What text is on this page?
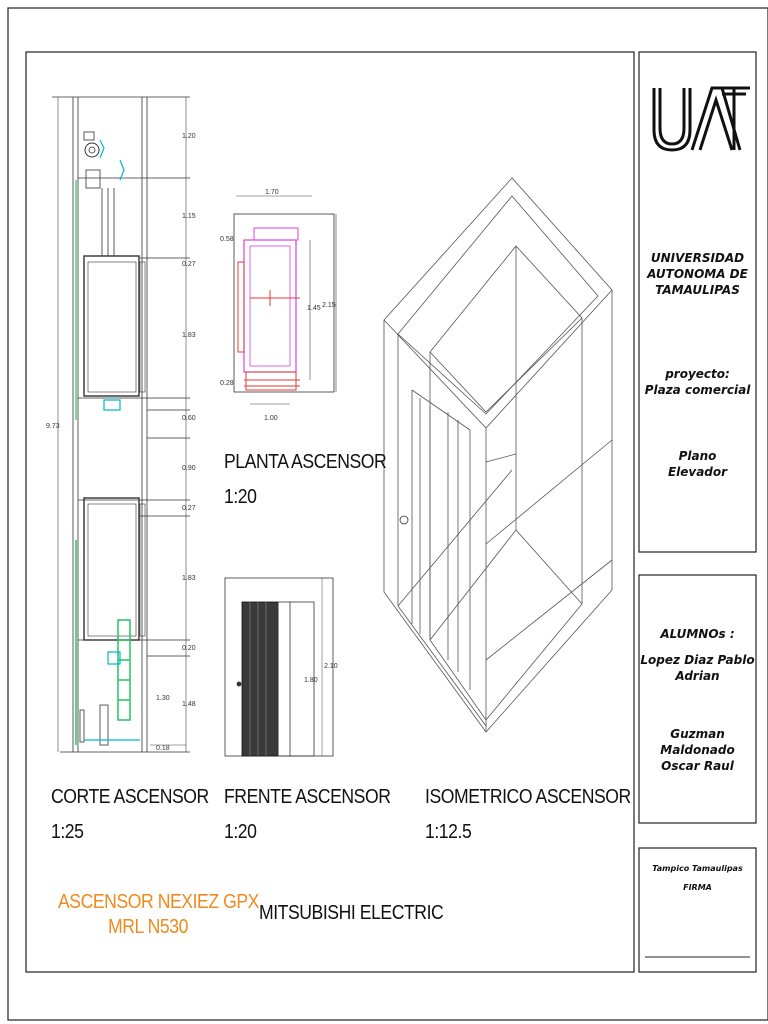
1.20
1.15
0.27
1.83
0.60
0.90
0.27
1.83
0.20
1.48
1.30
0.18
9.73
1.70
0.58
1.45 2.15
0.28
1.00
2.10
1.80
PLANTA ASCENSOR
1:20
CORTE ASCENSOR
1:25
FRENTE ASCENSOR
1:20
ISOMETRICO ASCENSOR
1:12.5
ASCENSOR NEXIEZ GPX
MRL N530
MITSUBISHI ELECTRIC
UNIVERSIDAD
AUTONOMA DE
TAMAULIPAS
proyecto:
Plaza comercial
Plano
Elevador
ALUMNOs :
Lopez Diaz Pablo
Adrian
Guzman Maldonado
Oscar Raul
Tampico Tamaulipas
FIRMA
